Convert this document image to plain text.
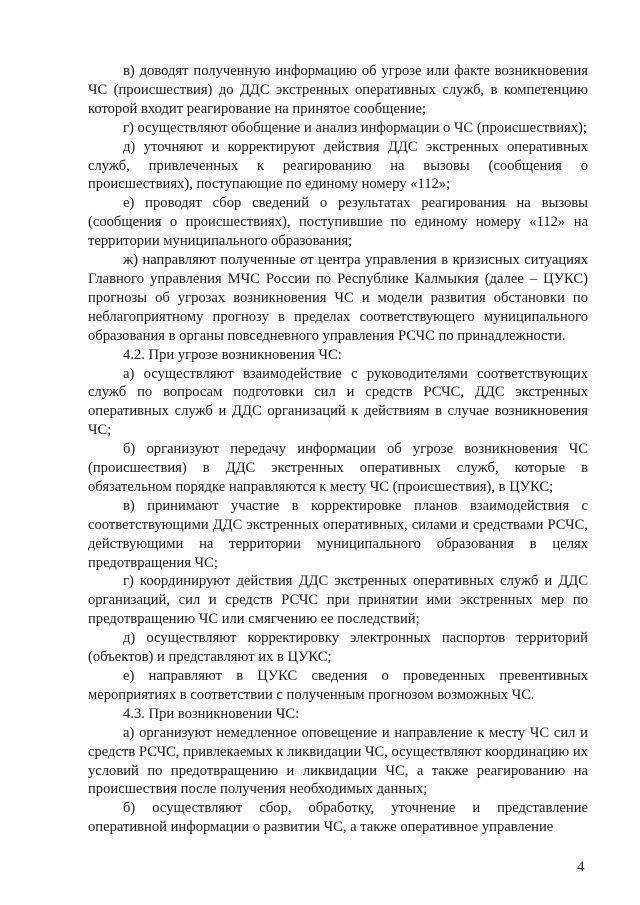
в) доводят полученную информацию об угрозе или факте возникновения ЧС (происшествия) до ДДС экстренных оперативных служб, в компетенцию которой входит реагирование на принятое сообщение;

г) осуществляют обобщение и анализ информации о ЧС (происшествиях);

д) уточняют и корректируют действия ДДС экстренных оперативных служб, привлеченных к реагированию на вызовы (сообщения о происшествиях), поступающие по единому номеру «112»;

е) проводят сбор сведений о результатах реагирования на вызовы (сообщения о происшествиях), поступившие по единому номеру «112» на территории муниципального образования;

ж) направляют полученные от центра управления в кризисных ситуациях Главного управления МЧС России по Республике Калмыкия (далее – ЦУКС) прогнозы об угрозах возникновения ЧС и модели развития обстановки по неблагоприятному прогнозу в пределах соответствующего муниципального образования в органы повседневного управления РСЧС по принадлежности.

4.2. При угрозе возникновения ЧС:

а) осуществляют взаимодействие с руководителями соответствующих служб по вопросам подготовки сил и средств РСЧС, ДДС экстренных оперативных служб и ДДС организаций к действиям в случае возникновения ЧС;

б) организуют передачу информации об угрозе возникновения ЧС (происшествия) в ДДС экстренных оперативных служб, которые в обязательном порядке направляются к месту ЧС (происшествия), в ЦУКС;

в) принимают участие в корректировке планов взаимодействия с соответствующими ДДС экстренных оперативных, силами и средствами РСЧС, действующими на территории муниципального образования в целях предотвращения ЧС;

г) координируют действия ДДС экстренных оперативных служб и ДДС организаций, сил и средств РСЧС при принятии ими экстренных мер по предотвращению ЧС или смягчению ее последствий;

д) осуществляют корректировку электронных паспортов территорий (объектов) и представляют их в ЦУКС;

е) направляют в ЦУКС сведения о проведенных превентивных мероприятиях в соответствии с полученным прогнозом возможных ЧС.

4.3. При возникновении ЧС:

а) организуют немедленное оповещение и направление к месту ЧС сил и средств РСЧС, привлекаемых к ликвидации ЧС, осуществляют координацию их условий по предотвращению и ликвидации ЧС, а также реагированию на происшествия после получения необходимых данных;

б) осуществляют сбор, обработку, уточнение и представление оперативной информации о развитии ЧС, а также оперативное управление

4
